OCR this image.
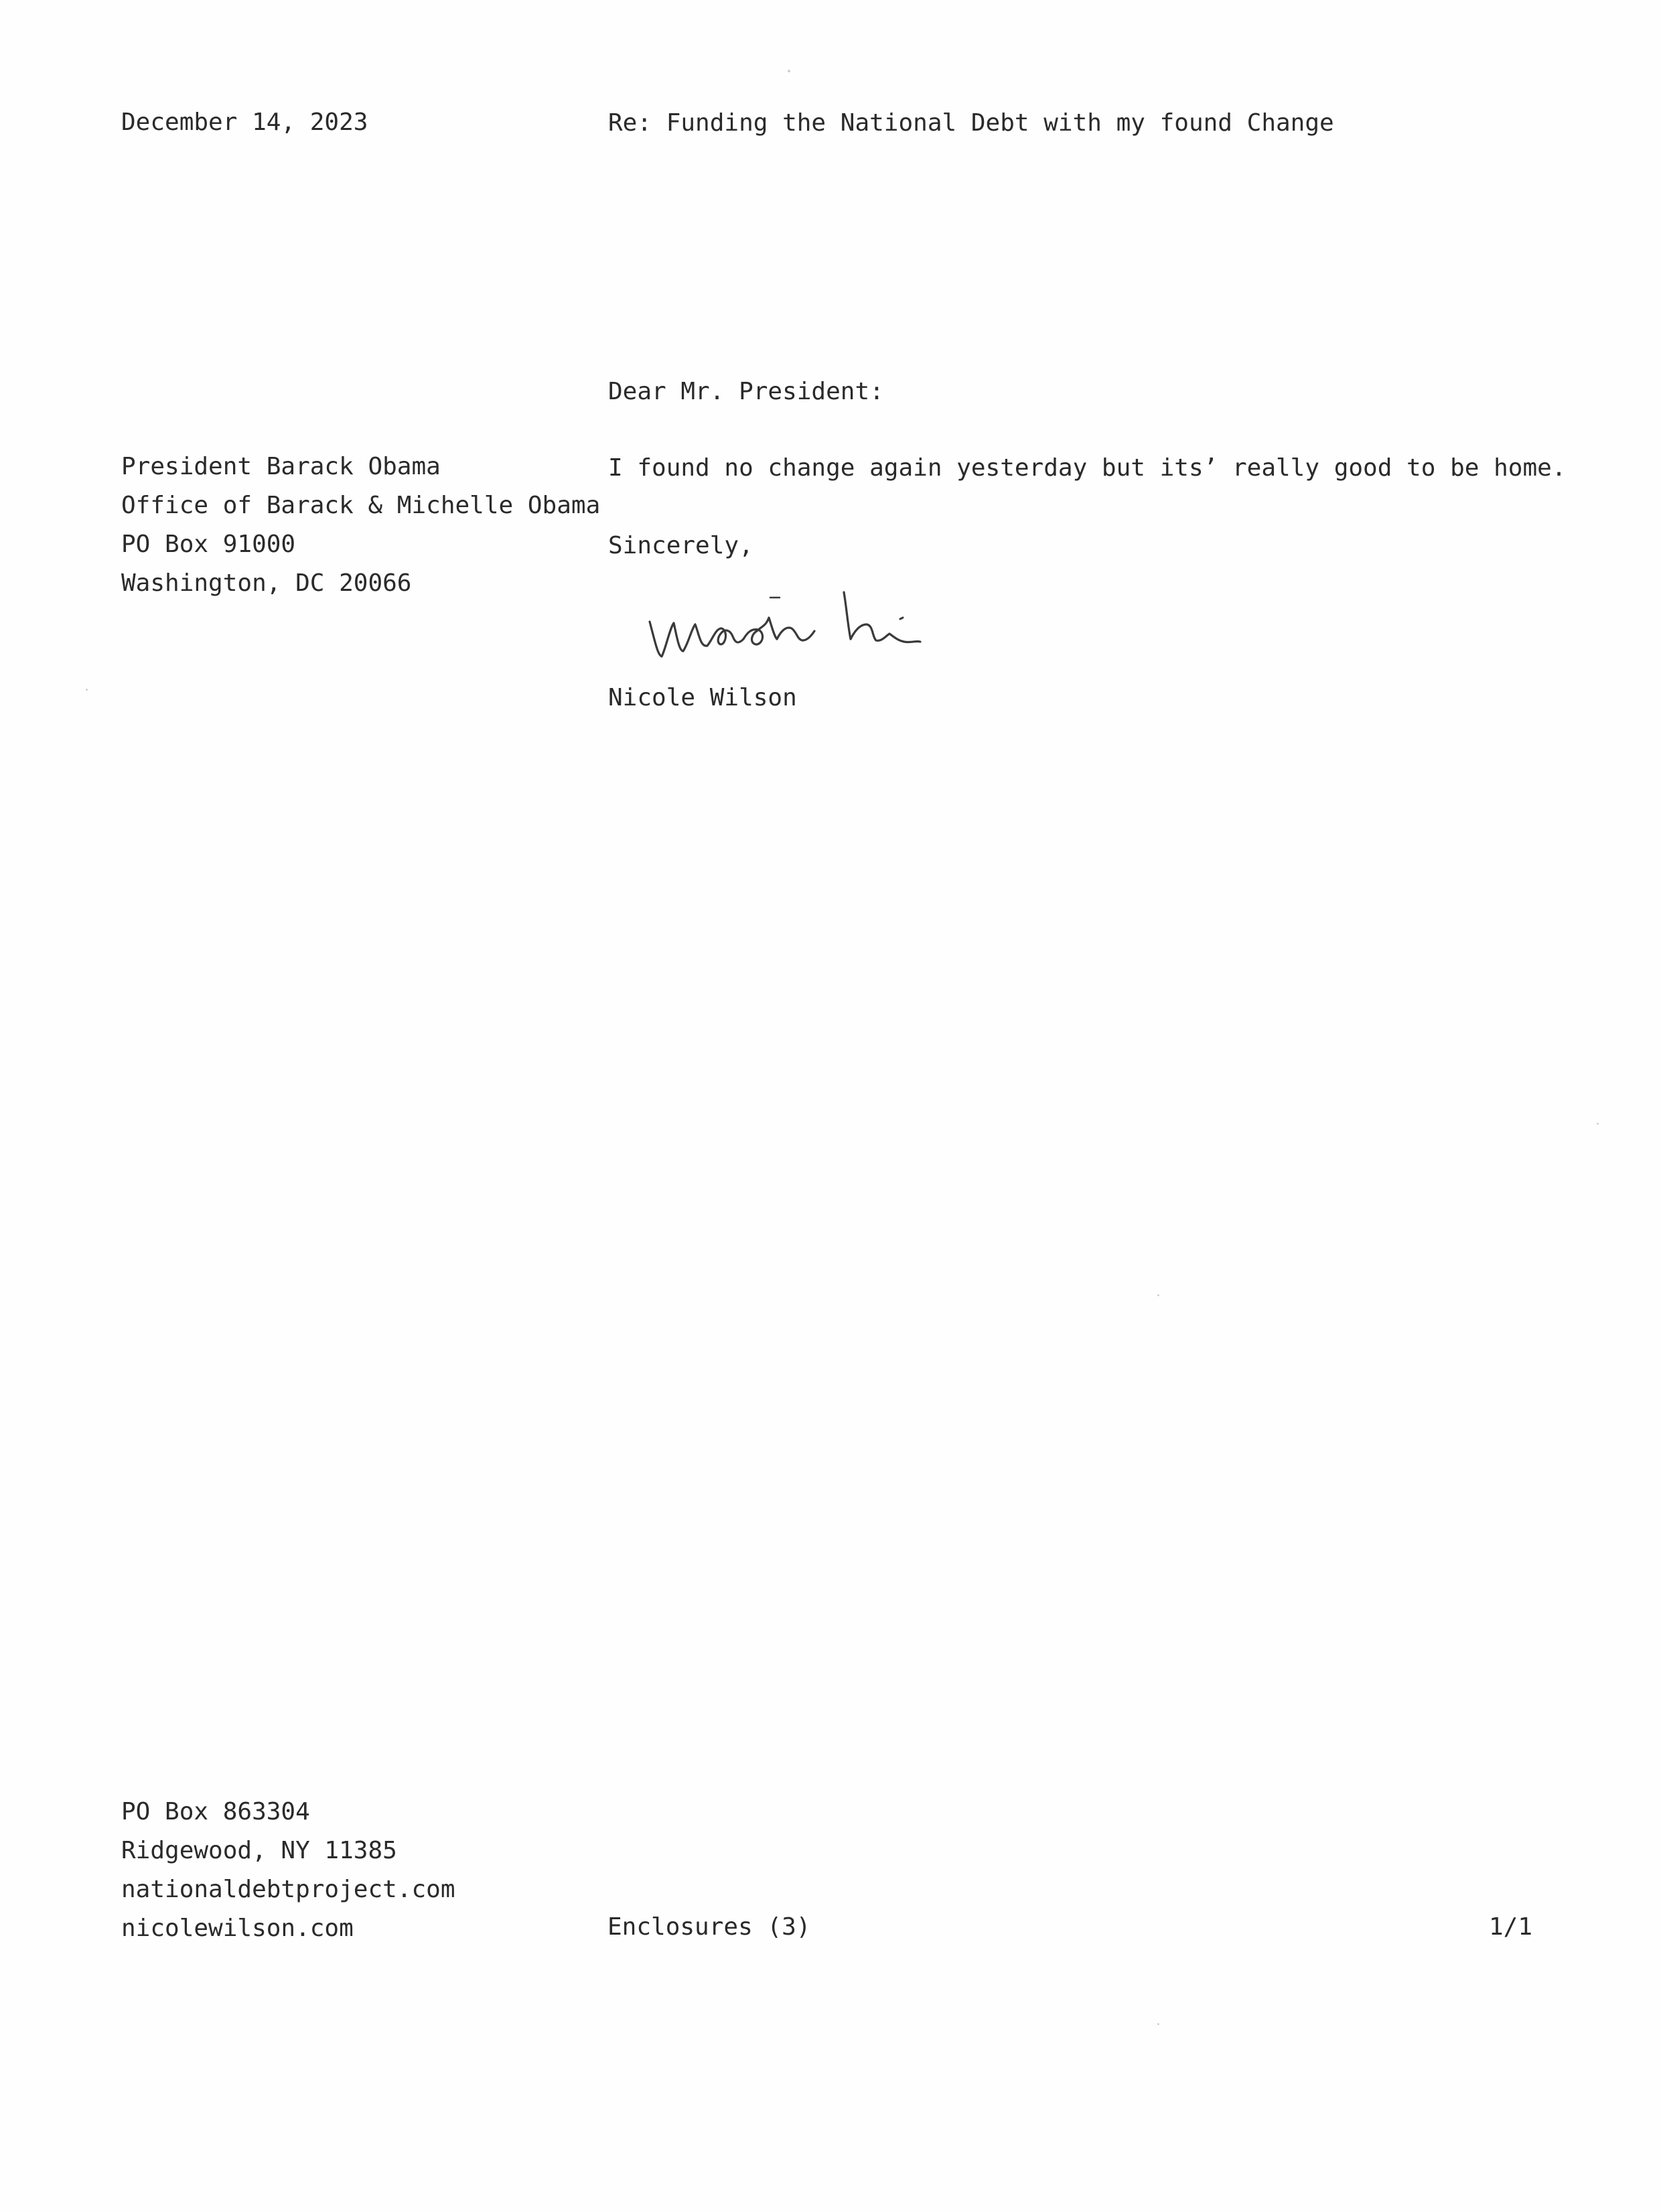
December 14, 2023	Re: Funding the National Debt with my found Change
Dear Mr. President:
President Barack Obama
Office of Barack & Michelle Obama
PO Box 91000
Washington, DC 20066
I found no change again yesterday but its’ really good to be home.
Sincerely,
Nicole Wilson
PO Box 863304
Ridgewood, NY 11385
nationaldebtproject.com
nicolewilson.com	Enclosures (3)	1/1
